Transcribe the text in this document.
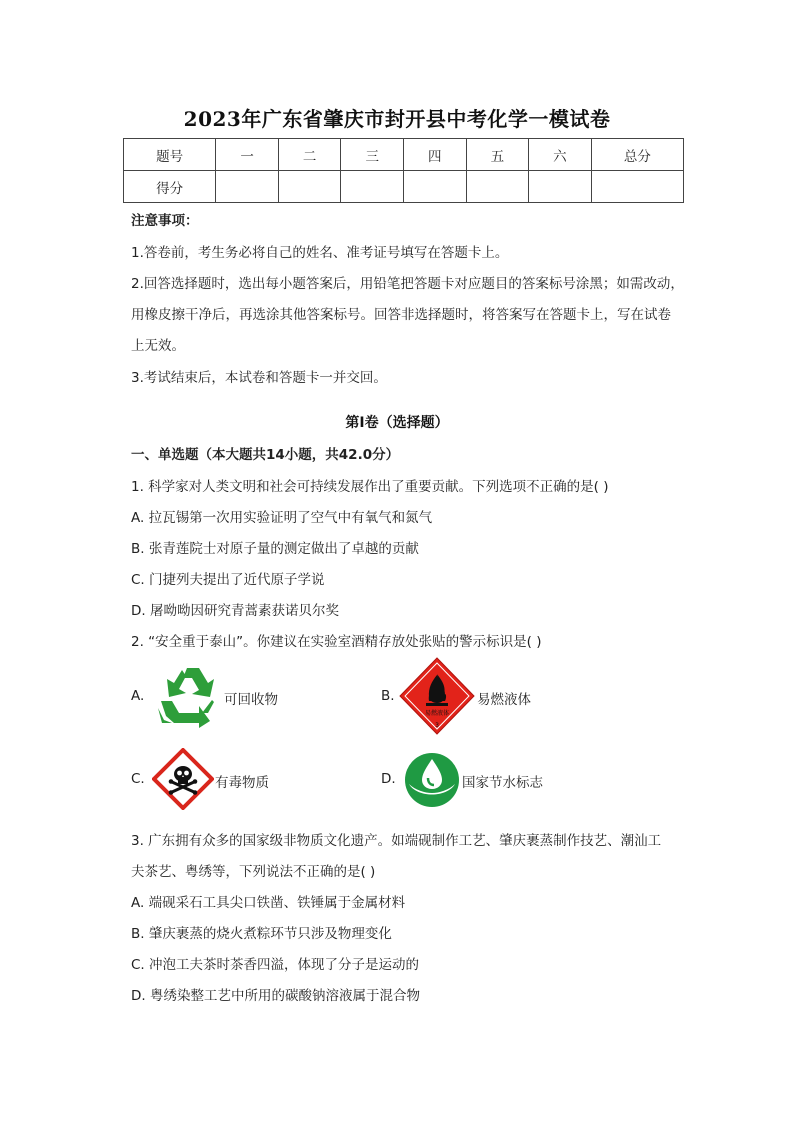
2023年广东省肇庆市封开县中考化学一模试卷
题号	一	二	三	四	五	六	总分
得分							
注意事项：
1.答卷前，考生务必将自己的姓名、准考证号填写在答题卡上。
2.回答选择题时，选出每小题答案后，用铅笔把答题卡对应题目的答案标号涂黑；如需改动，
用橡皮擦干净后，再选涂其他答案标号。回答非选择题时，将答案写在答题卡上，写在试卷
上无效。
3.考试结束后，本试卷和答题卡一并交回。
第Ⅰ卷（选择题）
一、单选题（本大题共14小题，共42.0分）
1. 科学家对人类文明和社会可持续发展作出了重要贡献。下列选项不正确的是( )
A. 拉瓦锡第一次用实验证明了空气中有氧气和氮气
B. 张青莲院士对原子量的测定做出了卓越的贡献
C. 门捷列夫提出了近代原子学说
D. 屠呦呦因研究青蒿素获诺贝尔奖
2. “安全重于泰山”。你建议在实验室酒精存放处张贴的警示标识是( )
A.	可回收物	B.
易燃液体
3
易燃液体
C.	有毒物质	D.	国家节水标志
3. 广东拥有众多的国家级非物质文化遗产。如端砚制作工艺、肇庆裹蒸制作技艺、潮汕工
夫茶艺、粤绣等，下列说法不正确的是( )
A. 端砚采石工具尖口铁凿、铁锤属于金属材料
B. 肇庆裹蒸的烧火煮粽环节只涉及物理变化
C. 冲泡工夫茶时茶香四溢，体现了分子是运动的
D. 粤绣染整工艺中所用的碳酸钠溶液属于混合物
